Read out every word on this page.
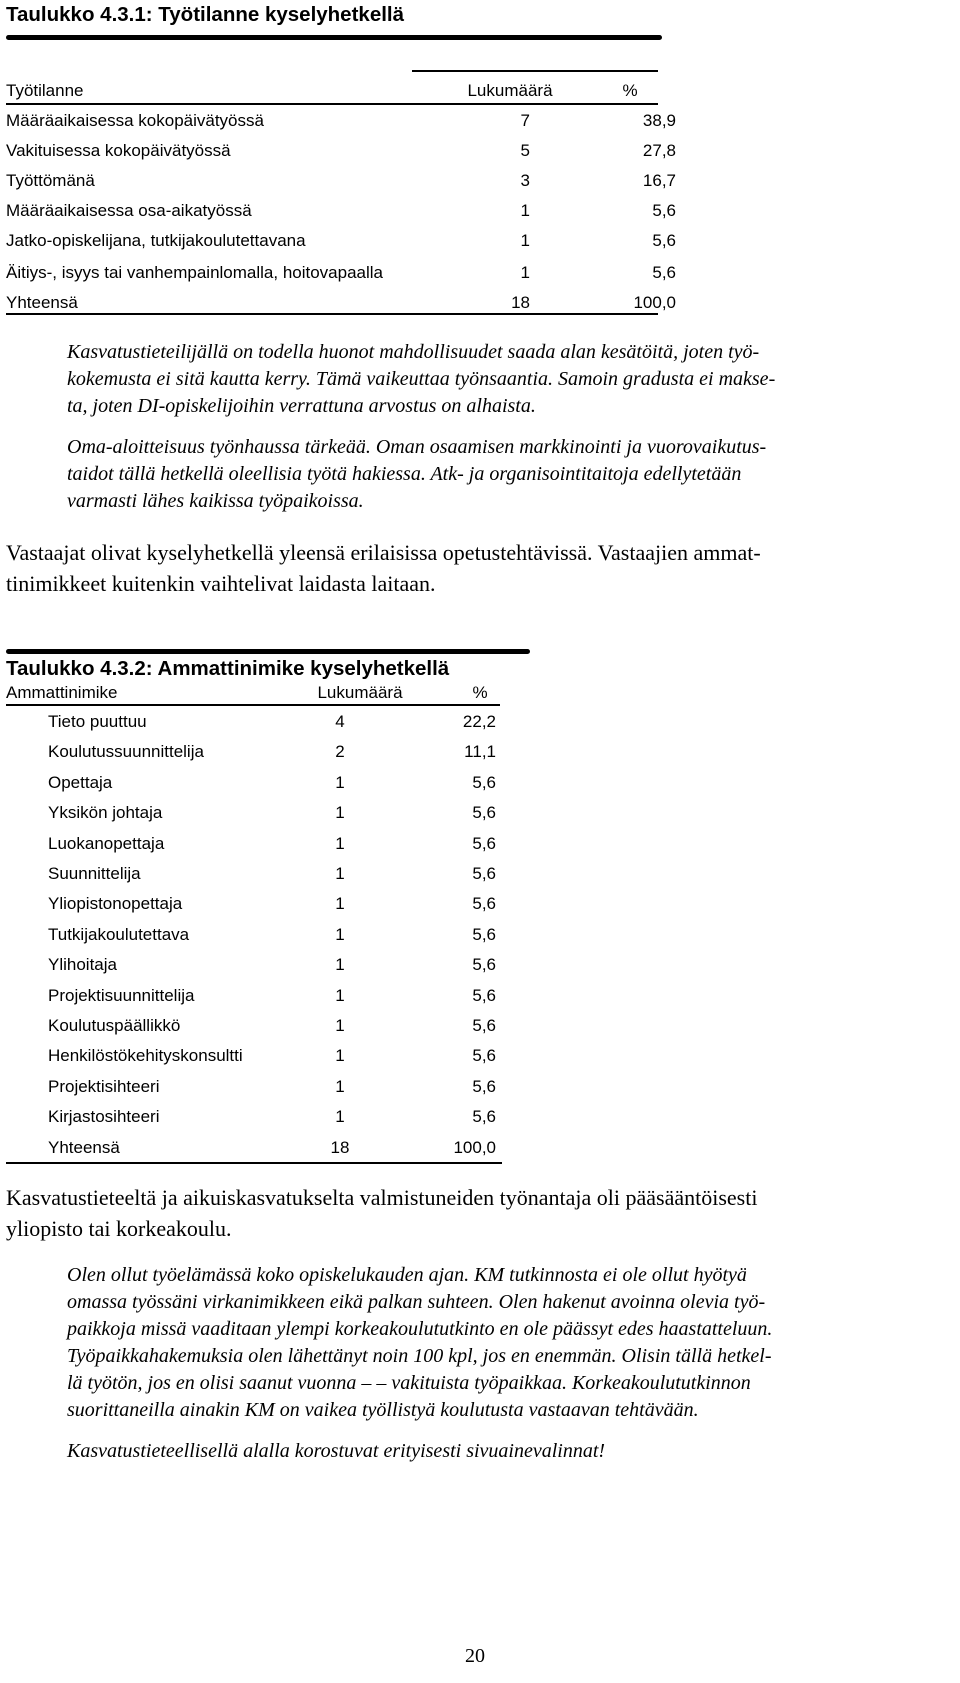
Taulukko 4.3.1: Työtilanne kyselyhetkellä
Työtilanne	Lukumäärä	%
Määräaikaisessa kokopäivätyössä	7	38,9
Vakituisessa kokopäivätyössä	5	27,8
Työttömänä	3	16,7
Määräaikaisessa osa-aikatyössä	1	5,6
Jatko-opiskelijana, tutkijakoulutettavana	1	5,6
Äitiys-, isyys tai vanhempainlomalla, hoitovapaalla	1	5,6
Yhteensä	18	100,0

Kasvatustieteilijällä on todella huonot mahdollisuudet saada alan kesätöitä, joten työ-
kokemusta ei sitä kautta kerry. Tämä vaikeuttaa työnsaantia. Samoin gradusta ei makse-
ta, joten DI-opiskelijoihin verrattuna arvostus on alhaista.

Oma-aloitteisuus työnhaussa tärkeää. Oman osaamisen markkinointi ja vuorovaikutus-
taidot tällä hetkellä oleellisia työtä hakiessa. Atk- ja organisointitaitoja edellytetään
varmasti lähes kaikissa työpaikoissa.

Vastaajat olivat kyselyhetkellä yleensä erilaisissa opetustehtävissä. Vastaajien ammat-
tinimikkeet kuitenkin vaihtelivat laidasta laitaan.
Taulukko 4.3.2: Ammattinimike kyselyhetkellä
Ammattinimike	Lukumäärä	%
Tieto puuttuu	4	22,2
Koulutussuunnittelija	2	11,1
Opettaja	1	5,6
Yksikön johtaja	1	5,6
Luokanopettaja	1	5,6
Suunnittelija	1	5,6
Yliopistonopettaja	1	5,6
Tutkijakoulutettava	1	5,6
Ylihoitaja	1	5,6
Projektisuunnittelija	1	5,6
Koulutuspäällikkö	1	5,6
Henkilöstökehityskonsultti	1	5,6
Projektisihteeri	1	5,6
Kirjastosihteeri	1	5,6
Yhteensä	18	100,0
Kasvatustieteeltä ja aikuiskasvatukselta valmistuneiden työnantaja oli pääsääntöisesti
yliopisto tai korkeakoulu.

Olen ollut työelämässä koko opiskelukauden ajan. KM tutkinnosta ei ole ollut hyötyä
omassa työssäni virkanimikkeen eikä palkan suhteen. Olen hakenut avoinna olevia työ-
paikkoja missä vaaditaan ylempi korkeakoulututkinto en ole päässyt edes haastatteluun.
Työpaikkahakemuksia olen lähettänyt noin 100 kpl, jos en enemmän. Olisin tällä hetkel-
lä työtön, jos en olisi saanut vuonna – – vakituista työpaikkaa. Korkeakoulututkinnon
suorittaneilla ainakin KM on vaikea työllistyä koulutusta vastaavan tehtävään.

Kasvatustieteellisellä alalla korostuvat erityisesti sivuainevalinnat!

20
